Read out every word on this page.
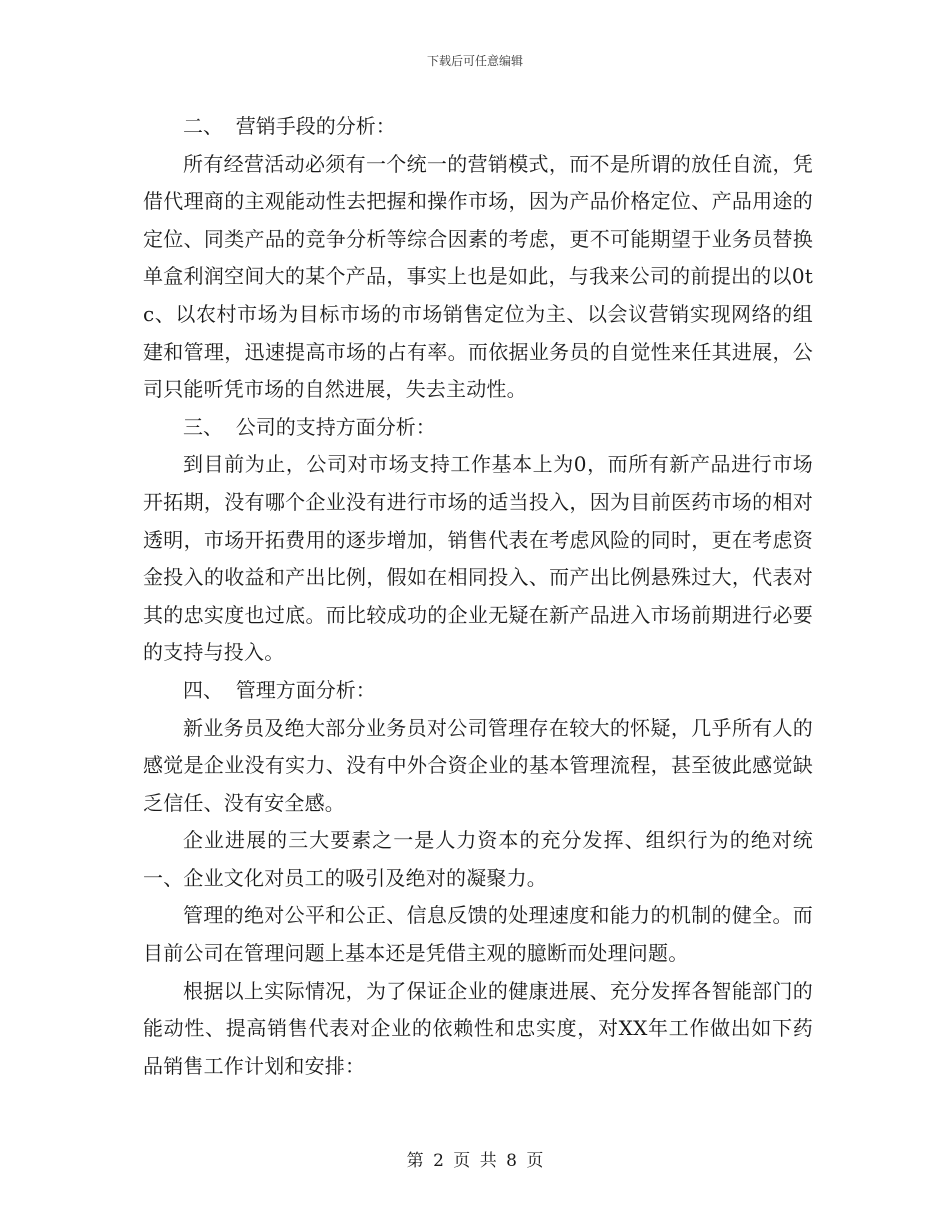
下载后可任意编辑

二、  营销手段的分析：

所有经营活动必须有一个统一的营销模式，而不是所谓的放任自流，凭借代理商的主观能动性去把握和操作市场，因为产品价格定位、产品用途的定位、同类产品的竞争分析等综合因素的考虑，更不可能期望于业务员替换单盒利润空间大的某个产品，事实上也是如此，与我来公司的前提出的以0tc、以农村市场为目标市场的市场销售定位为主、以会议营销实现网络的组建和管理，迅速提高市场的占有率。而依据业务员的自觉性来任其进展，公司只能听凭市场的自然进展，失去主动性。

三、  公司的支持方面分析：

到目前为止，公司对市场支持工作基本上为0，而所有新产品进行市场开拓期，没有哪个企业没有进行市场的适当投入，因为目前医药市场的相对透明，市场开拓费用的逐步增加，销售代表在考虑风险的同时，更在考虑资金投入的收益和产出比例，假如在相同投入、而产出比例悬殊过大，代表对其的忠实度也过底。而比较成功的企业无疑在新产品进入市场前期进行必要的支持与投入。

四、  管理方面分析：

新业务员及绝大部分业务员对公司管理存在较大的怀疑，几乎所有人的感觉是企业没有实力、没有中外合资企业的基本管理流程，甚至彼此感觉缺乏信任、没有安全感。

企业进展的三大要素之一是人力资本的充分发挥、组织行为的绝对统一、企业文化对员工的吸引及绝对的凝聚力。

管理的绝对公平和公正、信息反馈的处理速度和能力的机制的健全。而目前公司在管理问题上基本还是凭借主观的臆断而处理问题。

根据以上实际情况，为了保证企业的健康进展、充分发挥各智能部门的能动性、提高销售代表对企业的依赖性和忠实度，对XX年工作做出如下药品销售工作计划和安排：

第 2 页 共 8 页
